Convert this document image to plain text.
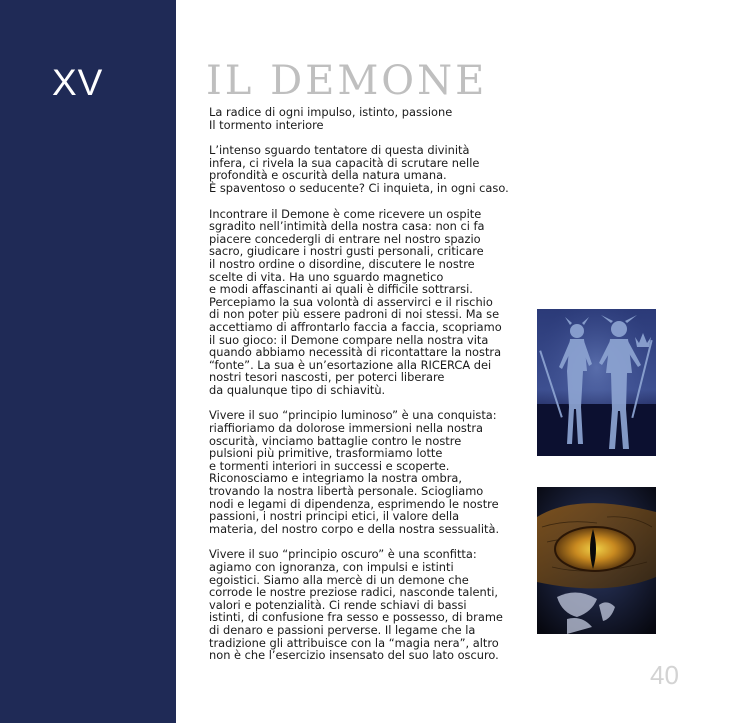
XV	IL DEMONE

La radice di ogni impulso, istinto, passione
Il tormento interiore

L’intenso sguardo tentatore di questa divinità
infera, ci rivela la sua capacità di scrutare nelle
profondità e oscurità della natura umana.
È spaventoso o seducente? Ci inquieta, in ogni caso.

Incontrare il Demone è come ricevere un ospite
sgradito nell’intimità della nostra casa: non ci fa
piacere concedergli di entrare nel nostro spazio
sacro, giudicare i nostri gusti personali, criticare
il nostro ordine o disordine, discutere le nostre
scelte di vita. Ha uno sguardo magnetico
e modi affascinanti ai quali è difficile sottrarsi.
Percepiamo la sua volontà di asservirci e il rischio
di non poter più essere padroni di noi stessi. Ma se
accettiamo di affrontarlo faccia a faccia, scopriamo
il suo gioco: il Demone compare nella nostra vita
quando abbiamo necessità di ricontattare la nostra
“fonte”. La sua è un’esortazione alla RICERCA dei
nostri tesori nascosti, per poterci liberare
da qualunque tipo di schiavitù.

Vivere il suo “principio luminoso” è una conquista:
riaffioriamo da dolorose immersioni nella nostra
oscurità, vinciamo battaglie contro le nostre
pulsioni più primitive, trasformiamo lotte
e tormenti interiori in successi e scoperte.
Riconosciamo e integriamo la nostra ombra,
trovando la nostra libertà personale. Sciogliamo
nodi e legami di dipendenza, esprimendo le nostre
passioni, i nostri principi etici, il valore della
materia, del nostro corpo e della nostra sessualità.

Vivere il suo “principio oscuro” è una sconfitta:
agiamo con ignoranza, con impulsi e istinti
egoistici. Siamo alla mercè di un demone che
corrode le nostre preziose radici, nasconde talenti,
valori e potenzialità. Ci rende schiavi di bassi
istinti, di confusione fra sesso e possesso, di brame
di denaro e passioni perverse. Il legame che la
tradizione gli attribuisce con la “magia nera”, altro
non è che l’esercizio insensato del suo lato oscuro.

40
